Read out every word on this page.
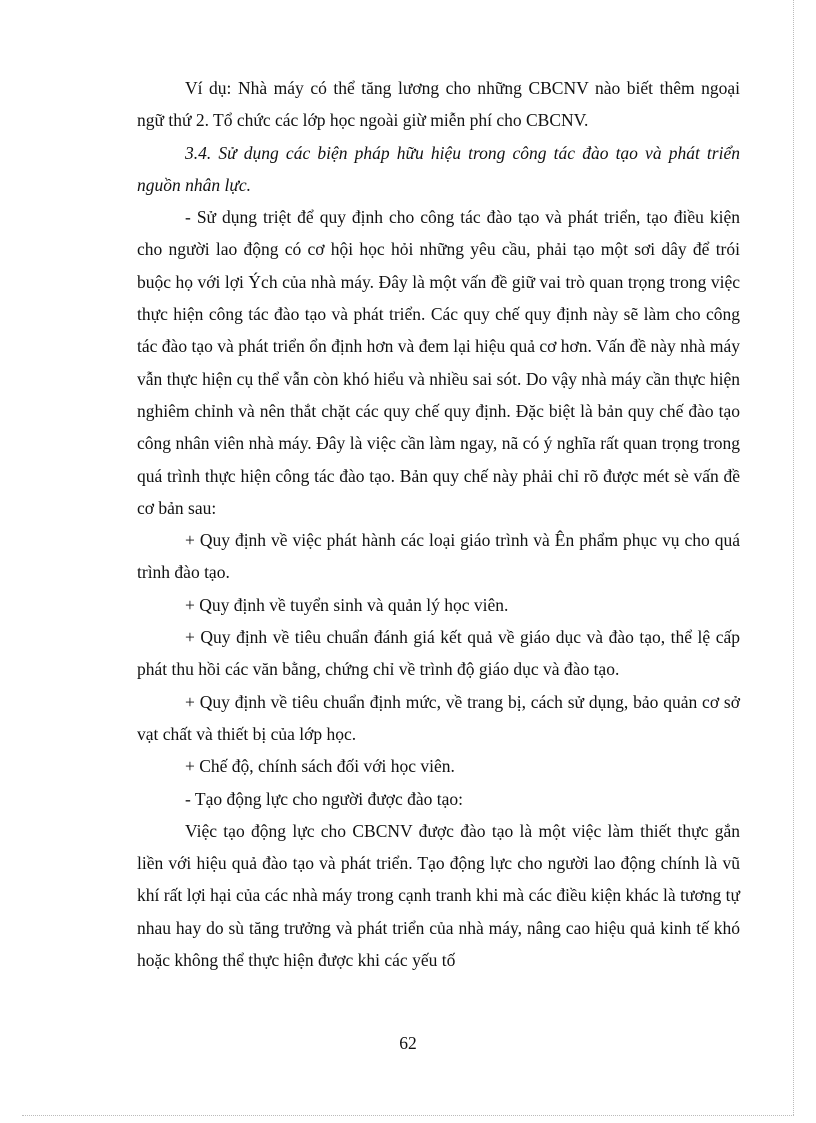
Ví dụ: Nhà máy có thể tăng lương cho những CBCNV nào biết thêm ngoại ngữ thứ 2. Tổ chức các lớp học ngoài giừ miễn phí cho CBCNV.

3.4. Sử dụng các biện pháp hữu hiệu trong công tác đào tạo và phát triển nguồn nhân lực.

- Sử dụng triệt để quy định cho công tác đào tạo và phát triển, tạo điều kiện cho người lao động có cơ hội học hỏi những yêu cầu, phải tạo một sơi dây để trói buộc họ với lợi Ých của nhà máy. Đây là một vấn đề giữ vai trò quan trọng trong việc thực hiện công tác đào tạo và phát triển. Các quy chế quy định này sẽ làm cho công tác đào tạo và phát triển ổn định hơn và đem lại hiệu quả cơ hơn. Vấn đề này nhà máy vẫn thực hiện cụ thể vẫn còn khó hiểu và nhiều sai sót. Do vậy nhà máy cần thực hiện nghiêm chỉnh và nên thắt chặt các quy chế quy định. Đặc biệt là bản quy chế đào tạo công nhân viên nhà máy. Đây là việc cần làm ngay, nã có ý nghĩa rất quan trọng trong quá trình thực hiện công tác đào tạo. Bản quy chế này phải chỉ rõ được mét sè vấn đề cơ bản sau:

+ Quy định về việc phát hành các loại giáo trình và Ên phẩm phục vụ cho quá trình đào tạo.

+ Quy định về tuyển sinh và quản lý học viên.

+ Quy định về tiêu chuẩn đánh giá kết quả về giáo dục và đào tạo, thể lệ cấp phát thu hồi các văn bằng, chứng chỉ về trình độ giáo dục và đào tạo.

+ Quy định về tiêu chuẩn định mức, về trang bị, cách sử dụng, bảo quản cơ sở vạt chất và thiết bị của lớp học.

+ Chế độ, chính sách đối với học viên.

- Tạo động lực cho người được đào tạo:

Việc tạo động lực cho CBCNV được đào tạo là một việc làm thiết thực gắn liền với hiệu quả đào tạo và phát triển. Tạo động lực cho người lao động chính là vũ khí rất lợi hại của các nhà máy trong cạnh tranh khi mà các điều kiện khác là tương tự nhau hay do sù tăng trưởng và phát triển của nhà máy, nâng cao hiệu quả kinh tế khó hoặc không thể thực hiện được khi các yếu tố

62
